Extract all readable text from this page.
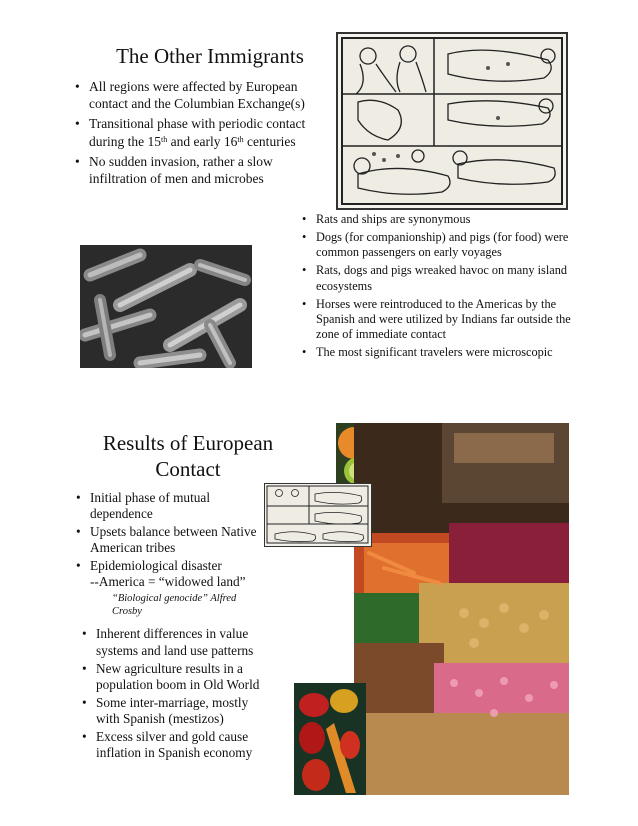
The Other Immigrants
• All regions were affected by European contact and the Columbian Exchange(s)
• Transitional phase with periodic contact during the 15th and early 16th centuries
• No sudden invasion, rather a slow infiltration of men and microbes
• Rats and ships are synonymous
• Dogs (for companionship) and pigs (for food) were common passengers on early voyages
• Rats, dogs and pigs wreaked havoc on many island ecosystems
• Horses were reintroduced to the Americas by the Spanish and were utilized by Indians far outside the zone of immediate contact
• The most significant travelers were microscopic
Results of European
Contact
• Initial phase of mutual dependence
• Upsets balance between Native American tribes
• Epidemiological disaster
--America = “widowed land”
“Biological genocide” Alfred Crosby
• Inherent differences in value systems and land use patterns
• New agriculture results in a population boom in Old World
• Some inter-marriage, mostly with Spanish (mestizos)
• Excess silver and gold cause inflation in Spanish economy
